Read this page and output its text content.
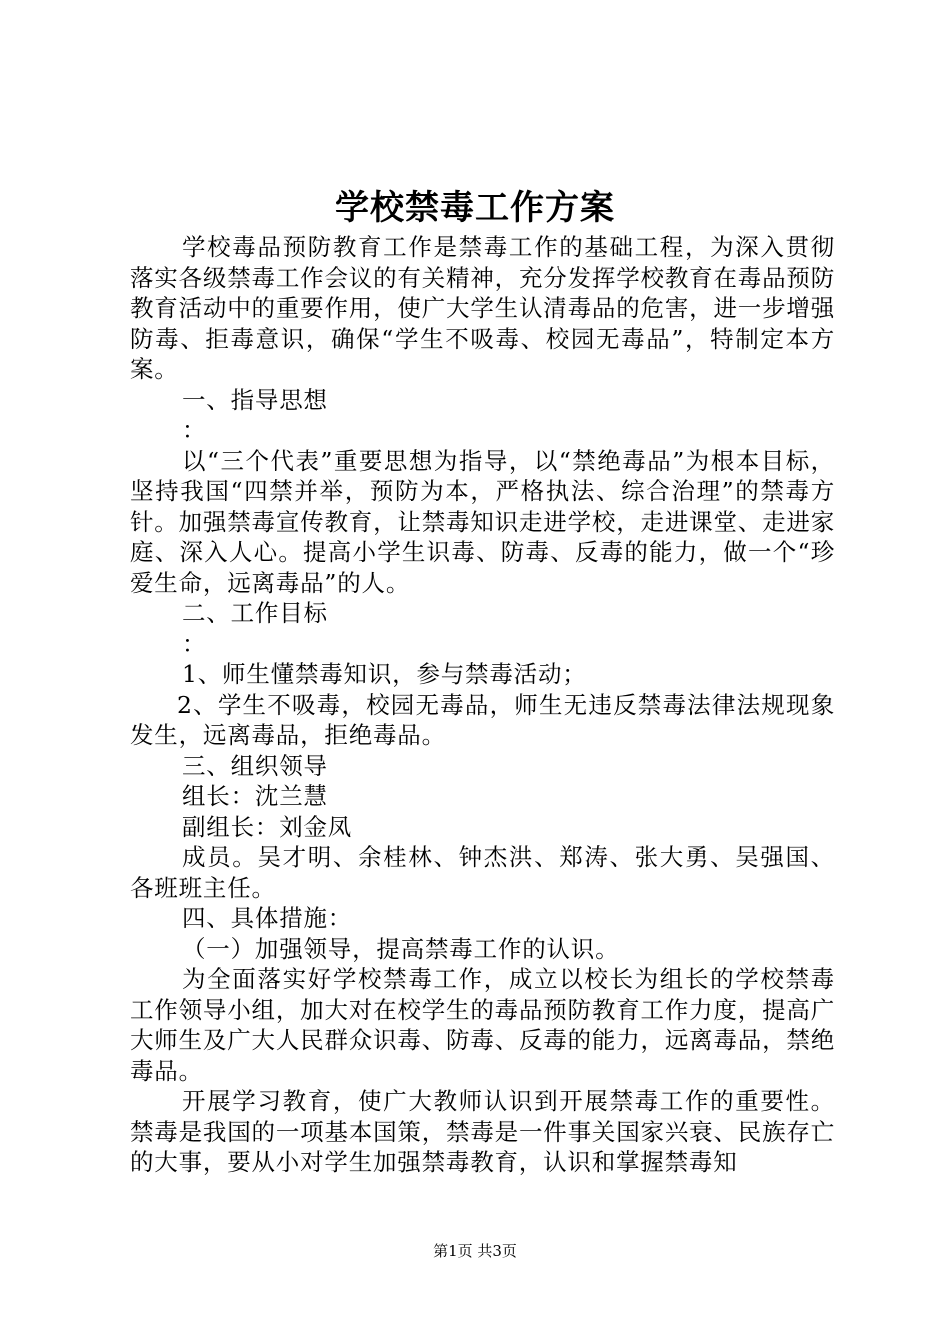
学校禁毒工作方案

学校毒品预防教育工作是禁毒工作的基础工程，为深入贯彻落实各级禁毒工作会议的有关精神，充分发挥学校教育在毒品预防教育活动中的重要作用，使广大学生认清毒品的危害，进一步增强防毒、拒毒意识，确保“学生不吸毒、校园无毒品”，特制定本方案。

一、指导思想

：

以“三个代表”重要思想为指导，以“禁绝毒品”为根本目标，坚持我国“四禁并举，预防为本，严格执法、综合治理”的禁毒方针。加强禁毒宣传教育，让禁毒知识走进学校，走进课堂、走进家庭、深入人心。提高小学生识毒、防毒、反毒的能力，做一个“珍爱生命，远离毒品”的人。

二、工作目标

：

1、师生懂禁毒知识，参与禁毒活动；

2、学生不吸毒，校园无毒品，师生无违反禁毒法律法规现象发生，远离毒品，拒绝毒品。

三、组织领导

组长：沈兰慧

副组长：刘金凤

成员。吴才明、余桂林、钟杰洪、郑涛、张大勇、吴强国、各班班主任。

四、具体措施：

（一）加强领导，提高禁毒工作的认识。

为全面落实好学校禁毒工作，成立以校长为组长的学校禁毒工作领导小组，加大对在校学生的毒品预防教育工作力度，提高广大师生及广大人民群众识毒、防毒、反毒的能力，远离毒品，禁绝毒品。

开展学习教育，使广大教师认识到开展禁毒工作的重要性。禁毒是我国的一项基本国策，禁毒是一件事关国家兴衰、民族存亡的大事，要从小对学生加强禁毒教育，认识和掌握禁毒知

第1页 共3页
